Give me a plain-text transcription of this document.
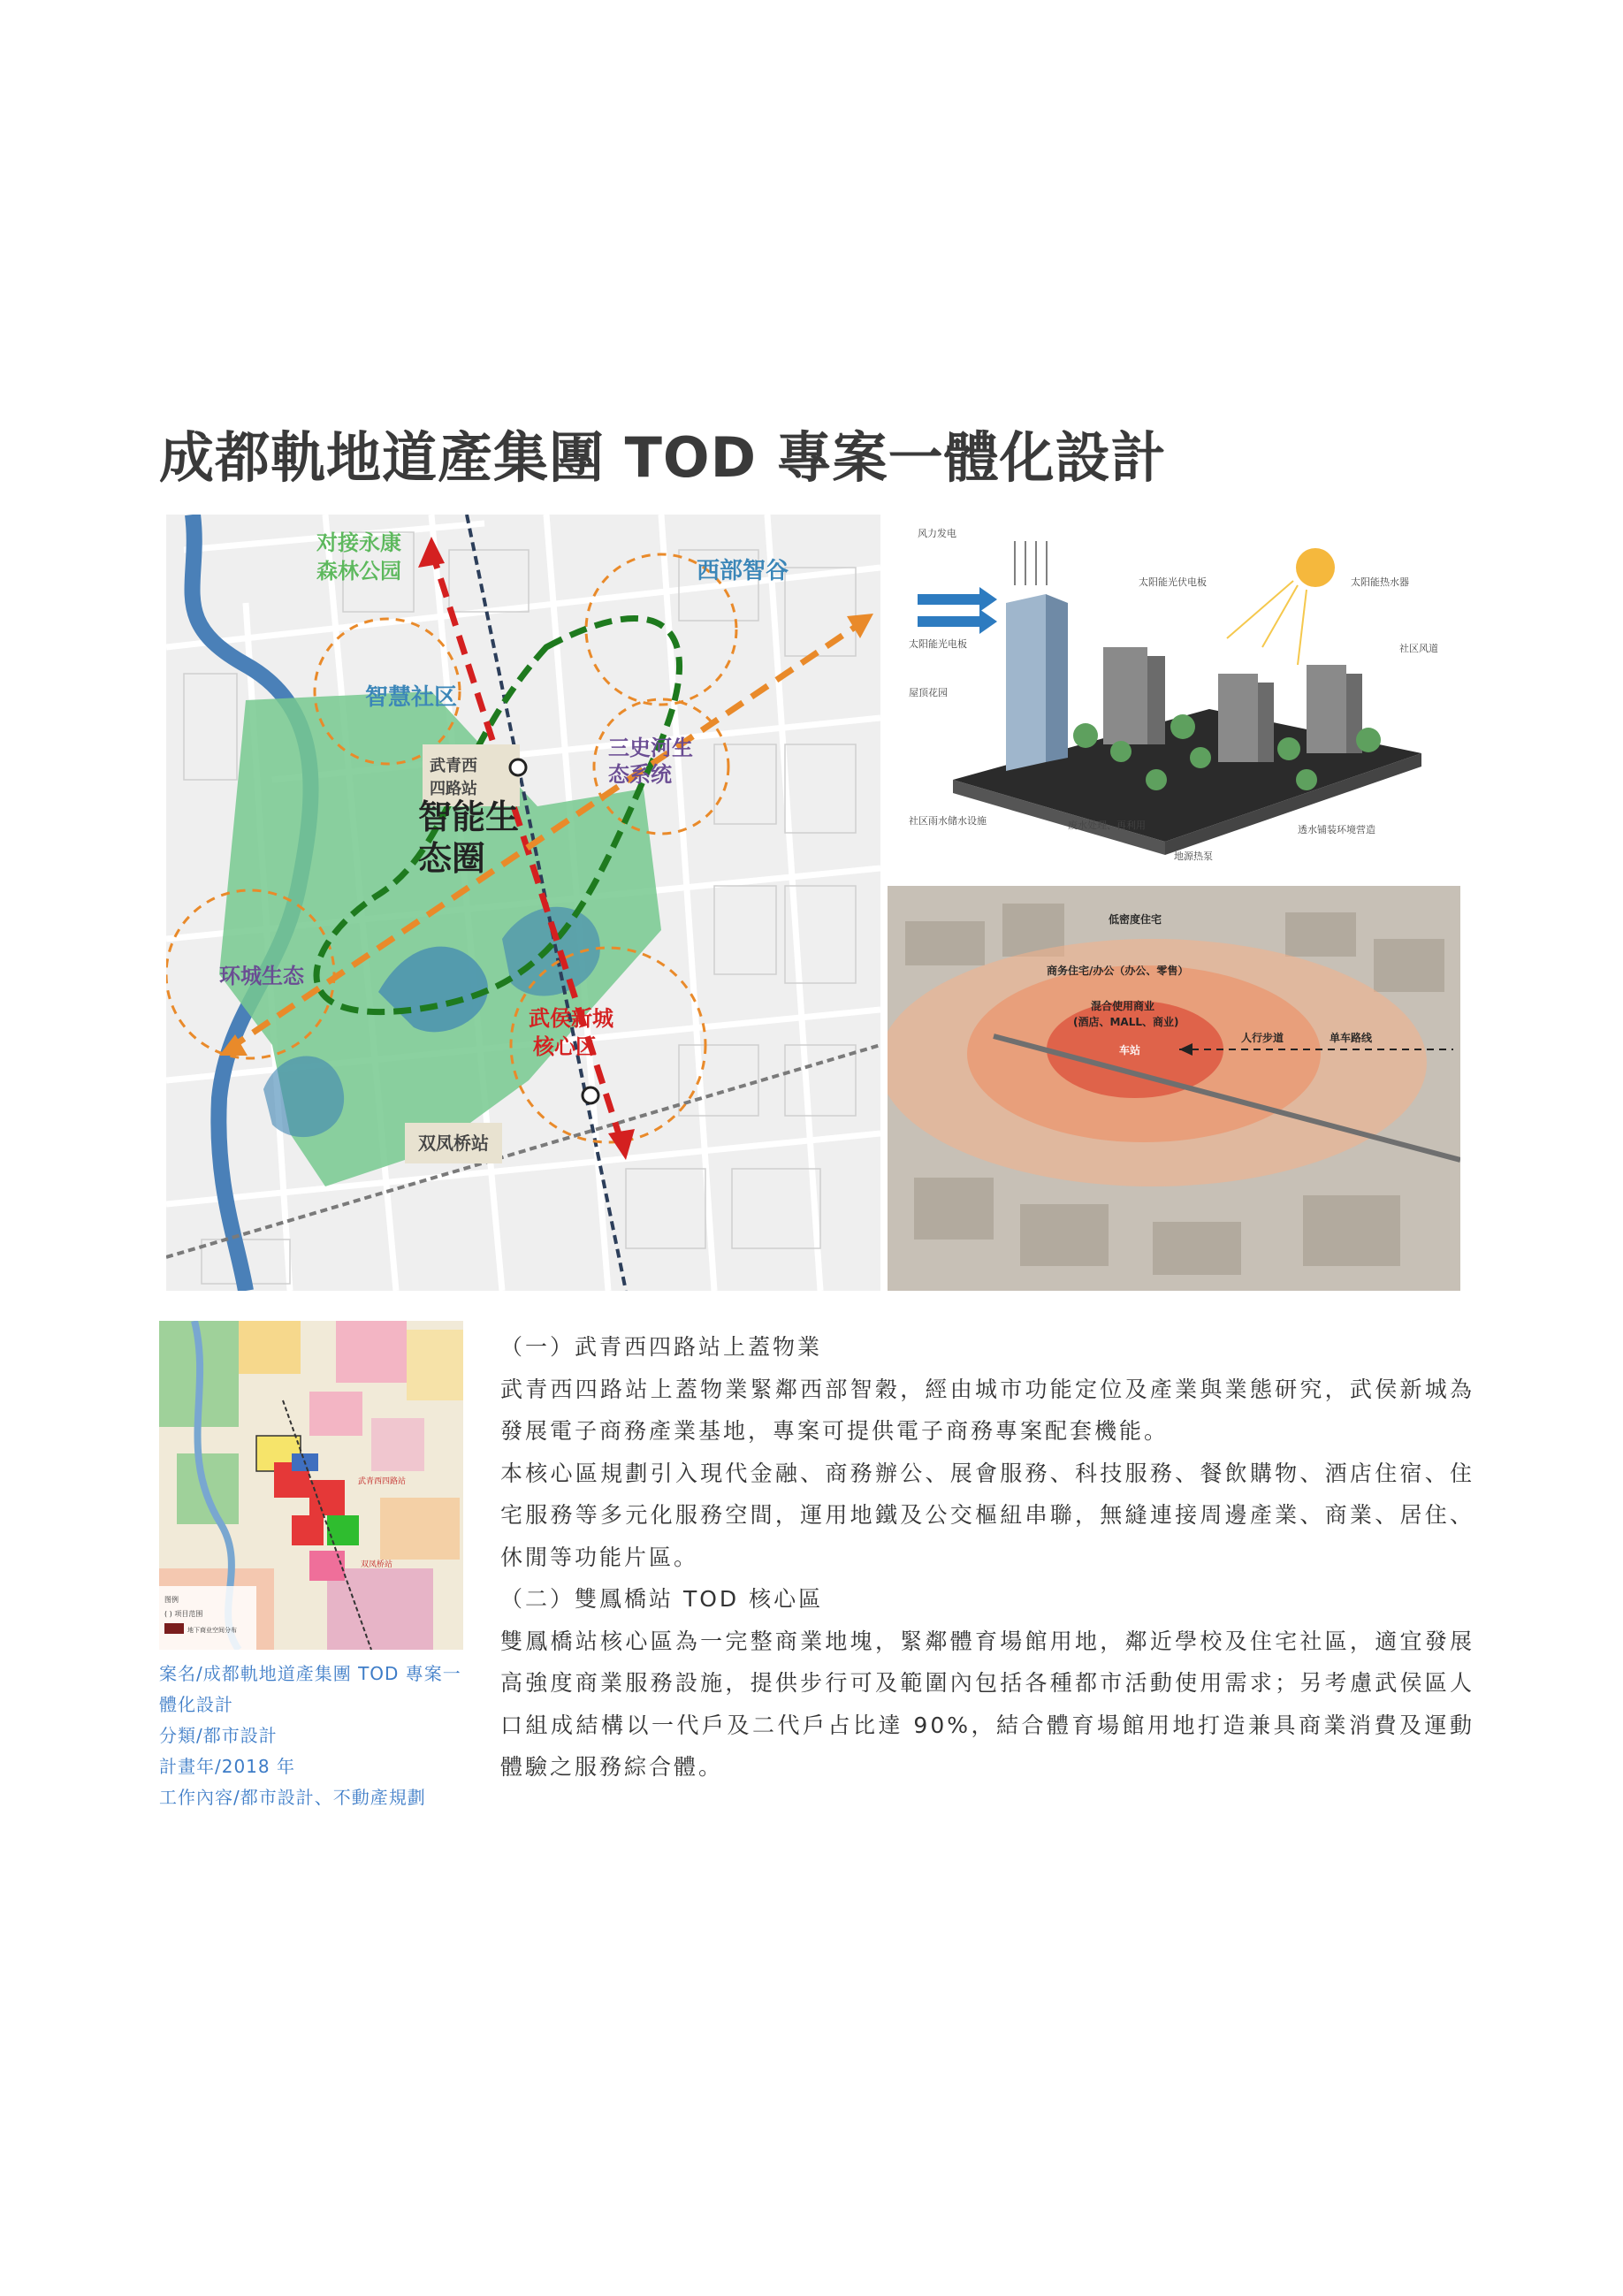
成都軌地道產集團 TOD 專案一體化設計
对接永康
森林公园	西部智谷
智慧社区
武青西
四路站
三史河生
态系统
智能生
态圈
环城生态
武侯新城
核心区
双凤桥站
风力发电
太阳能光伏电板	太阳能热水器
太阳能光电板
屋顶花园
社区风道
社区雨水储水设施	废水处理、再利用
地源热泵
透水铺装环境营造
低密度住宅
商务住宅/办公（办公、零售）
混合使用商业
(酒店、MALL、商业)
车站
人行步道	单车路线
武青西四路站
双凤桥站
图例
( ) 项目范围
地下商业空间分布
案名/成都軌地道產集團 TOD 專案一
體化設計
分類/都市設計
計畫年/2018 年
工作內容/都市設計、不動產規劃
（一）武青西四路站上蓋物業
武青西四路站上蓋物業緊鄰西部智穀，經由城市功能定位及產業與業態研究，武侯新城為發展電子商務產業基地，專案可提供電子商務專案配套機能。
本核心區規劃引入現代金融、商務辦公、展會服務、科技服務、餐飲購物、酒店住宿、住宅服務等多元化服務空間，運用地鐵及公交樞紐串聯，無縫連接周邊產業、商業、居住、休閒等功能片區。
（二）雙鳳橋站 TOD 核心區
雙鳳橋站核心區為一完整商業地塊，緊鄰體育場館用地，鄰近學校及住宅社區，適宜發展高強度商業服務設施，提供步行可及範圍內包括各種都市活動使用需求；另考慮武侯區人口組成結構以一代戶及二代戶占比達 90%，結合體育場館用地打造兼具商業消費及運動體驗之服務綜合體。
